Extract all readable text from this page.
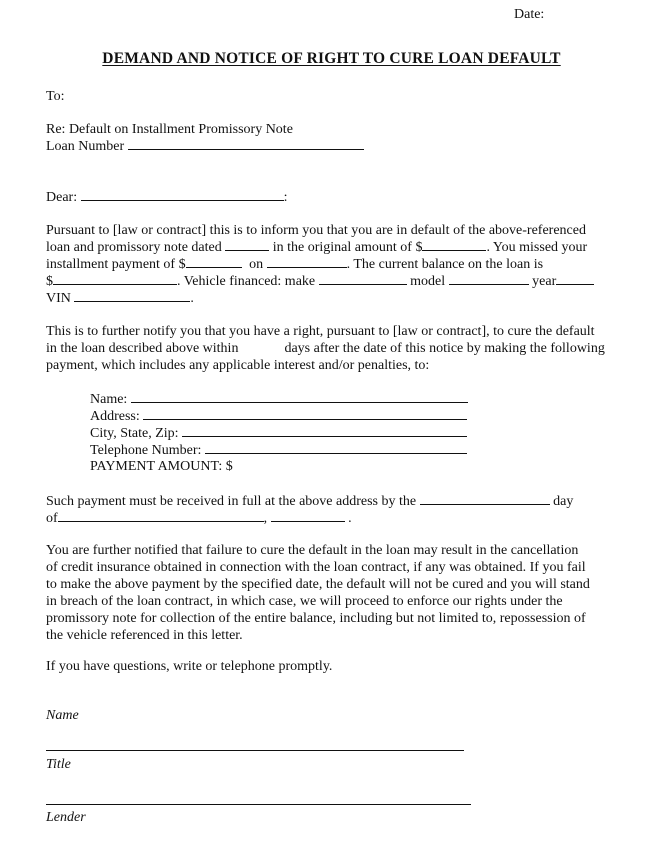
Date:
DEMAND AND NOTICE OF RIGHT TO CURE LOAN DEFAULT
To:
Re: Default on Installment Promissory Note
Loan Number
Dear:	:
Pursuant to [law or contract] this is to inform you that you are in default of the above-referenced
loan and promissory note dated	in the original amount of $	. You missed your
installment payment of $	on	. The current balance on the loan is
$	. Vehicle financed: make	model	year
VIN	.
This is to further notify you that you have a right, pursuant to [law or contract], to cure the default
in the loan described above within	days after the date of this notice by making the following
payment, which includes any applicable interest and/or penalties, to:
Name:
Address:
City, State, Zip:
Telephone Number:
PAYMENT AMOUNT: $
Such payment must be received in full at the above address by the	day
of	,	.
You are further notified that failure to cure the default in the loan may result in the cancellation
of credit insurance obtained in connection with the loan contract, if any was obtained. If you fail
to make the above payment by the specified date, the default will not be cured and you will stand
in breach of the loan contract, in which case, we will proceed to enforce our rights under the
promissory note for collection of the entire balance, including but not limited to, repossession of
the vehicle referenced in this letter.
If you have questions, write or telephone promptly.
Name
Title
Lender
